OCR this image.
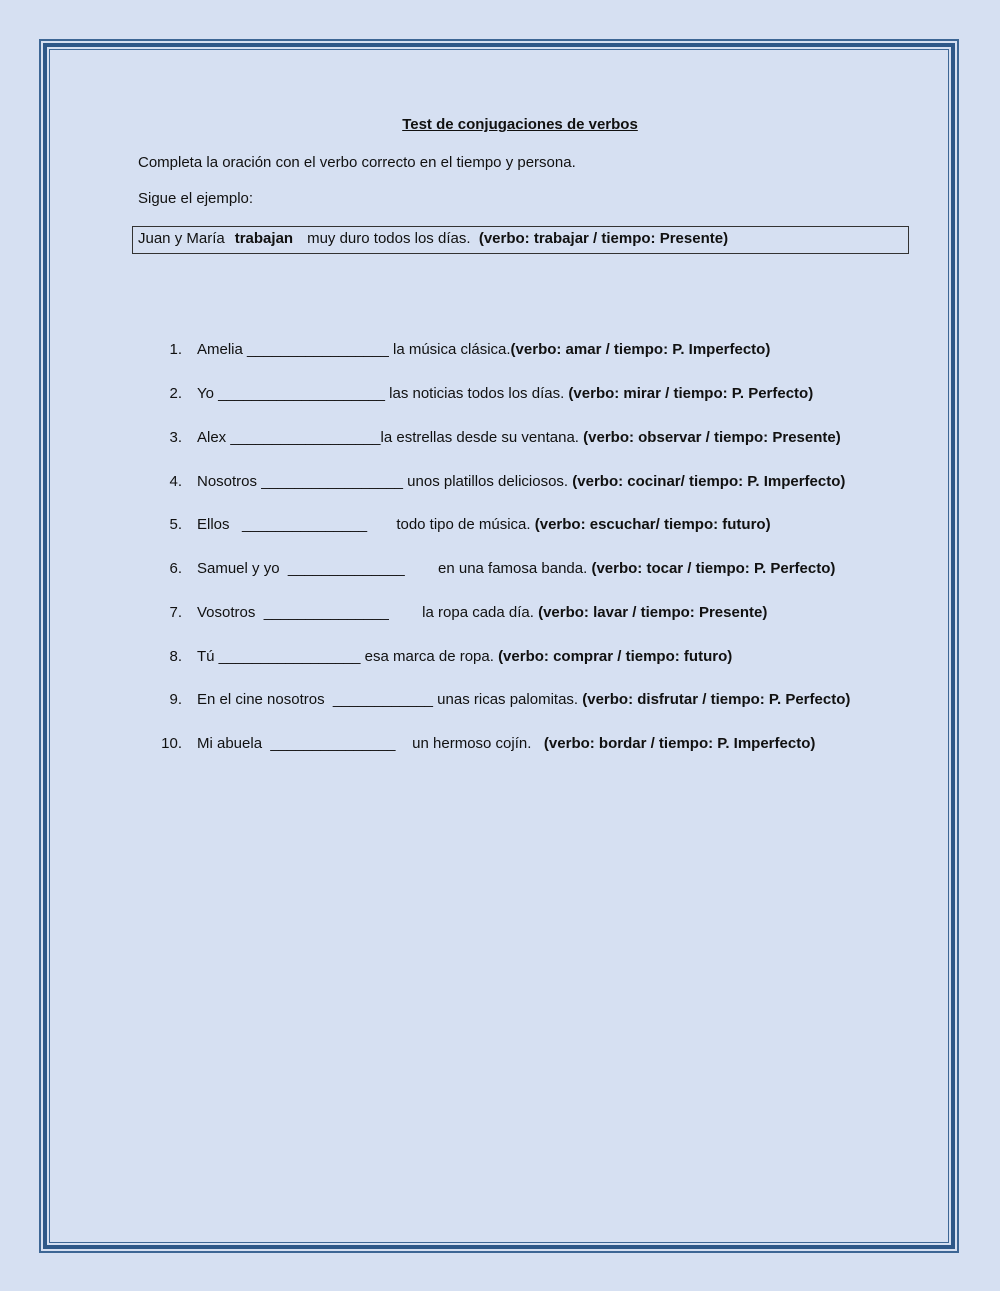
Test de conjugaciones de verbos
Completa la oración con el verbo correcto en el tiempo y persona.
Sigue el ejemplo:
Juan y María trabajan muy duro todos los días. (verbo: trabajar / tiempo: Presente)
1. Amelia _________________ la música clásica.(verbo: amar / tiempo: P. Imperfecto)
2. Yo ____________________ las noticias todos los días. (verbo: mirar / tiempo: P. Perfecto)
3. Alex __________________la estrellas desde su ventana. (verbo: observar / tiempo: Presente)
4. Nosotros _________________ unos platillos deliciosos. (verbo: cocinar/ tiempo: P. Imperfecto)
5. Ellos   _______________       todo tipo de música. (verbo: escuchar/ tiempo: futuro)
6. Samuel y yo  ______________        en una famosa banda. (verbo: tocar / tiempo: P. Perfecto)
7. Vosotros  _______________        la ropa cada día. (verbo: lavar / tiempo: Presente)
8. Tú _________________ esa marca de ropa. (verbo: comprar / tiempo: futuro)
9. En el cine nosotros  ____________ unas ricas palomitas. (verbo: disfrutar / tiempo: P. Perfecto)
10. Mi abuela  _______________    un hermoso cojín.   (verbo: bordar / tiempo: P. Imperfecto)
